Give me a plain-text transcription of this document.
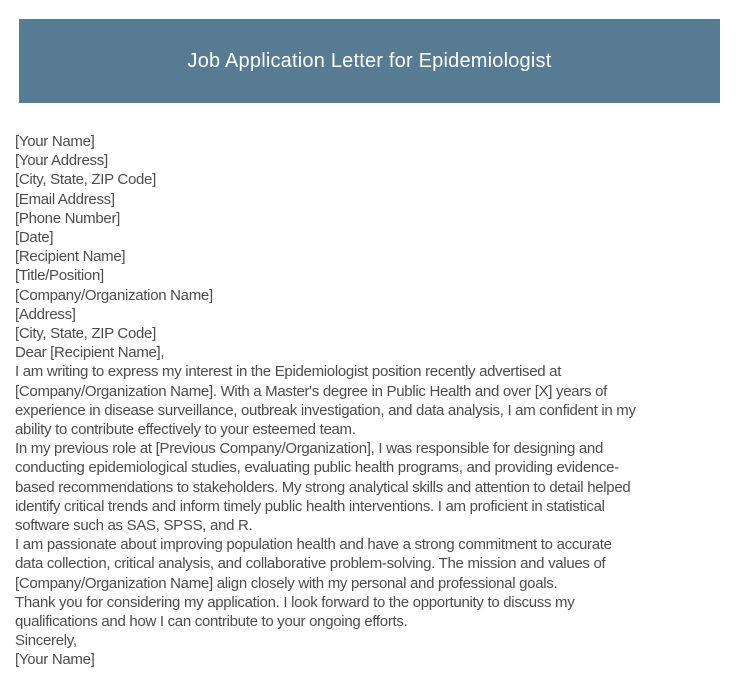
Job Application Letter for Epidemiologist
[Your Name]
[Your Address]
[City, State, ZIP Code]
[Email Address]
[Phone Number]
[Date]
[Recipient Name]
[Title/Position]
[Company/Organization Name]
[Address]
[City, State, ZIP Code]
Dear [Recipient Name],
I am writing to express my interest in the Epidemiologist position recently advertised at
[Company/Organization Name]. With a Master's degree in Public Health and over [X] years of
experience in disease surveillance, outbreak investigation, and data analysis, I am confident in my
ability to contribute effectively to your esteemed team.
In my previous role at [Previous Company/Organization], I was responsible for designing and
conducting epidemiological studies, evaluating public health programs, and providing evidence-
based recommendations to stakeholders. My strong analytical skills and attention to detail helped
identify critical trends and inform timely public health interventions. I am proficient in statistical
software such as SAS, SPSS, and R.
I am passionate about improving population health and have a strong commitment to accurate
data collection, critical analysis, and collaborative problem-solving. The mission and values of
[Company/Organization Name] align closely with my personal and professional goals.
Thank you for considering my application. I look forward to the opportunity to discuss my
qualifications and how I can contribute to your ongoing efforts.
Sincerely,
[Your Name]
